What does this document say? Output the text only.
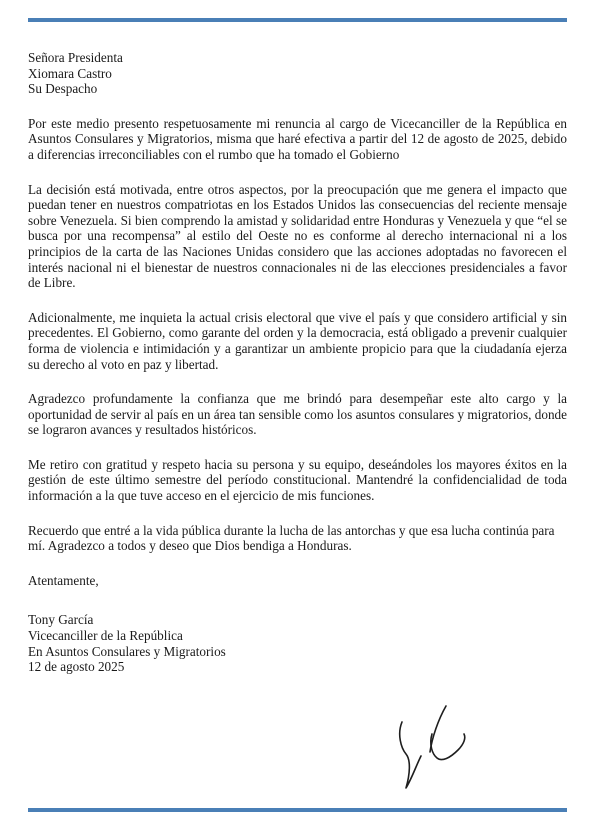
Señora Presidenta
Xiomara Castro
Su Despacho

Por este medio presento respetuosamente mi renuncia al cargo de Vicecanciller de la República en Asuntos Consulares y Migratorios, misma que haré efectiva a partir del 12 de agosto de 2025, debido a diferencias irreconciliables con el rumbo que ha tomado el Gobierno

La decisión está motivada, entre otros aspectos, por la preocupación que me genera el impacto que puedan tener en nuestros compatriotas en los Estados Unidos las consecuencias del reciente mensaje sobre Venezuela. Si bien comprendo la amistad y solidaridad entre Honduras y Venezuela y que “el se busca por una recompensa” al estilo del Oeste no es conforme al derecho internacional ni a los principios de la carta de las Naciones Unidas considero que las acciones adoptadas no favorecen el interés nacional ni el bienestar de nuestros connacionales ni de las elecciones presidenciales a favor de Libre.

Adicionalmente, me inquieta la actual crisis electoral que vive el país y que considero artificial y sin precedentes. El Gobierno, como garante del orden y la democracia, está obligado a prevenir cualquier forma de violencia e intimidación y a garantizar un ambiente propicio para que la ciudadanía ejerza su derecho al voto en paz y libertad.

Agradezco profundamente la confianza que me brindó para desempeñar este alto cargo y la oportunidad de servir al país en un área tan sensible como los asuntos consulares y migratorios, donde se lograron avances y resultados históricos.

Me retiro con gratitud y respeto hacia su persona y su equipo, deseándoles los mayores éxitos en la gestión de este último semestre del período constitucional. Mantendré la confidencialidad de toda información a la que tuve acceso en el ejercicio de mis funciones.

Recuerdo que entré a la vida pública durante la lucha de las antorchas y que esa lucha continúa para mí. Agradezco a todos y deseo que Dios bendiga a Honduras.

Atentamente,
Tony García
Vicecanciller de la República
En Asuntos Consulares y Migratorios
12 de agosto 2025
